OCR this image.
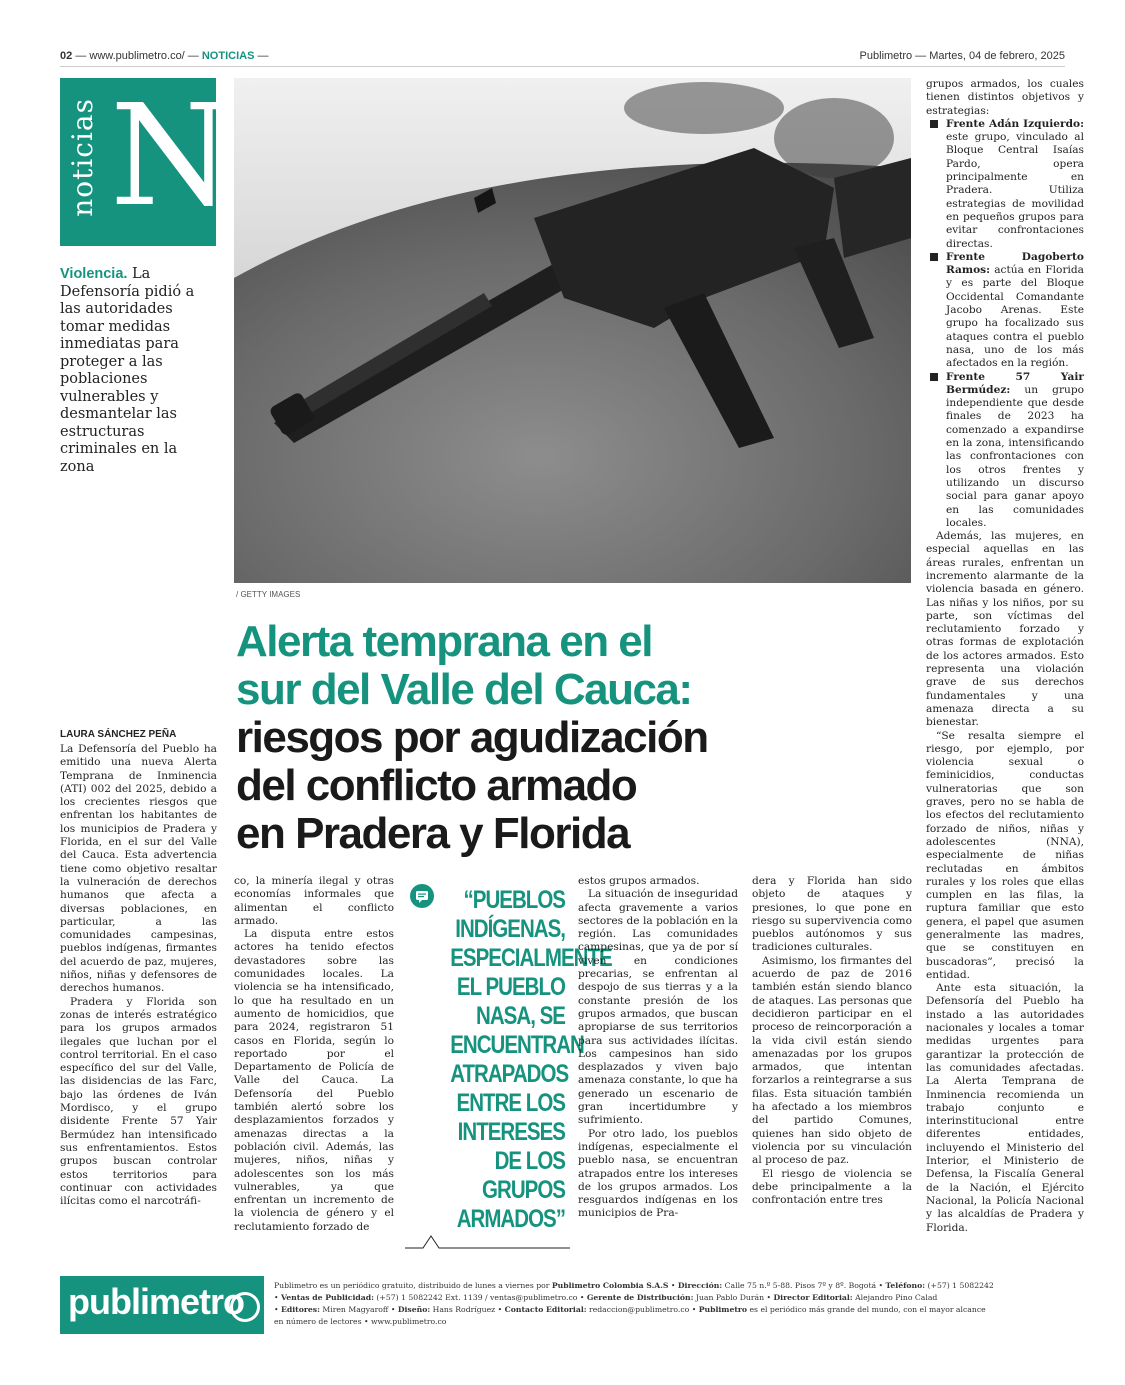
02 — www.publimetro.co/ — NOTICIAS —	Publimetro — Martes, 04 de febrero, 2025
noticias N
/ GETTY IMAGES
Violencia. La Defensoría pidió a las autoridades tomar medidas inmediatas para proteger a las poblaciones vulnerables y desmantelar las estructuras criminales en la zona
Alerta temprana en el
sur del Valle del Cauca:
riesgos por agudización
del conflicto armado
en Pradera y Florida
LAURA SÁNCHEZ PEÑA

La Defensoría del Pueblo ha emitido una nueva Alerta Temprana de Inminencia (ATI) 002 del 2025, debido a los crecientes riesgos que enfrentan los habitantes de los municipios de Pradera y Florida, en el sur del Valle del Cauca. Esta advertencia tiene como objetivo resaltar la vulneración de derechos humanos que afecta a diversas poblaciones, en particular, a las comunidades campesinas, pueblos indígenas, firmantes del acuerdo de paz, mujeres, niños, niñas y defensores de derechos humanos.

Pradera y Florida son zonas de interés estratégico para los grupos armados ilegales que luchan por el control territorial. En el caso específico del sur del Valle, las disidencias de las Farc, bajo las órdenes de Iván Mordisco, y el grupo disidente Frente 57 Yair Bermúdez han intensificado sus enfrentamientos. Estos grupos buscan controlar estos territorios para continuar con actividades ilícitas como el narcotráfi-

co, la minería ilegal y otras economías informales que alimentan el conflicto armado.

La disputa entre estos actores ha tenido efectos devastadores sobre las comunidades locales. La violencia se ha intensificado, lo que ha resultado en un aumento de homicidios, que para 2024, registraron 51 casos en Florida, según lo reportado por el Departamento de Policía de Valle del Cauca. La Defensoría del Pueblo también alertó sobre los desplazamientos forzados y amenazas directas a la población civil. Además, las mujeres, niños, niñas y adolescentes son los más vulnerables, ya que enfrentan un incremento de la violencia de género y el reclutamiento forzado de

“PUEBLOS INDÍGENAS, ESPECIALMENTE EL PUEBLO NASA, SE ENCUENTRAN ATRAPADOS ENTRE LOS INTERESES DE LOS GRUPOS ARMADOS”

estos grupos armados.

La situación de inseguridad afecta gravemente a varios sectores de la población en la región. Las comunidades campesinas, que ya de por sí viven en condiciones precarias, se enfrentan al despojo de sus tierras y a la constante presión de los grupos armados, que buscan apropiarse de sus territorios para sus actividades ilícitas. Los campesinos han sido desplazados y viven bajo amenaza constante, lo que ha generado un escenario de gran incertidumbre y sufrimiento.

Por otro lado, los pueblos indígenas, especialmente el pueblo nasa, se encuentran atrapados entre los intereses de los grupos armados. Los resguardos indígenas en los municipios de Pra-

dera y Florida han sido objeto de ataques y presiones, lo que pone en riesgo su supervivencia como pueblos autónomos y sus tradiciones culturales.

Asimismo, los firmantes del acuerdo de paz de 2016 también están siendo blanco de ataques. Las personas que decidieron participar en el proceso de reincorporación a la vida civil están siendo amenazadas por los grupos armados, que intentan forzarlos a reintegrarse a sus filas. Esta situación también ha afectado a los miembros del partido Comunes, quienes han sido objeto de violencia por su vinculación al proceso de paz.

El riesgo de violencia se debe principalmente a la confrontación entre tres

grupos armados, los cuales tienen distintos objetivos y estrategias:

Frente Adán Izquierdo: este grupo, vinculado al Bloque Central Isaías Pardo, opera principalmente en Pradera. Utiliza estrategias de movilidad en pequeños grupos para evitar confrontaciones directas.

Frente Dagoberto Ramos: actúa en Florida y es parte del Bloque Occidental Comandante Jacobo Arenas. Este grupo ha focalizado sus ataques contra el pueblo nasa, uno de los más afectados en la región.

Frente 57 Yair Bermúdez: un grupo independiente que desde finales de 2023 ha comenzado a expandirse en la zona, intensificando las confrontaciones con los otros frentes y utilizando un discurso social para ganar apoyo en las comunidades locales.

Además, las mujeres, en especial aquellas en las áreas rurales, enfrentan un incremento alarmante de la violencia basada en género. Las niñas y los niños, por su parte, son víctimas del reclutamiento forzado y otras formas de explotación de los actores armados. Esto representa una violación grave de sus derechos fundamentales y una amenaza directa a su bienestar.

“Se resalta siempre el riesgo, por ejemplo, por violencia sexual o feminicidios, conductas vulneratorias que son graves, pero no se habla de los efectos del reclutamiento forzado de niños, niñas y adolescentes (NNA), especialmente de niñas reclutadas en ámbitos rurales y los roles que ellas cumplen en las filas, la ruptura familiar que esto genera, el papel que asumen generalmente las madres, que se constituyen en buscadoras”, precisó la entidad.

Ante esta situación, la Defensoría del Pueblo ha instado a las autoridades nacionales y locales a tomar medidas urgentes para garantizar la protección de las comunidades afectadas. La Alerta Temprana de Inminencia recomienda un trabajo conjunto e interinstitucional entre diferentes entidades, incluyendo el Ministerio del Interior, el Ministerio de Defensa, la Fiscalía General de la Nación, el Ejército Nacional, la Policía Nacional y las alcaldías de Pradera y Florida.

publimetro	Publimetro es un periódico gratuito, distribuido de lunes a viernes por Publimetro Colombia S.A.S • Dirección: Calle 75 n.º 5-88. Pisos 7º y 8º. Bogotá • Teléfono: (+57) 1 5082242
• Ventas de Publicidad: (+57) 1 5082242 Ext. 1139 / ventas@publimetro.co • Gerente de Distribución: Juan Pablo Durán • Director Editorial: Alejandro Pino Calad
• Editores: Miren Magyaroff • Diseño: Hans Rodríguez • Contacto Editorial: redaccion@publimetro.co • Publimetro es el periódico más grande del mundo, con el mayor alcance
en número de lectores • www.publimetro.co
